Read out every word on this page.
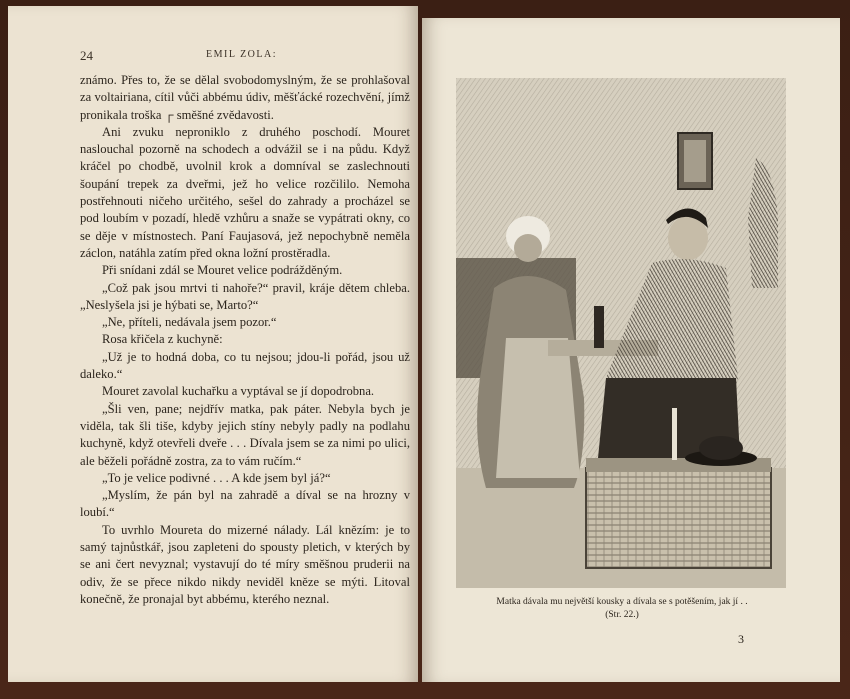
24	EMIL ZOLA:

známo. Přes to, že se dělal svobodomyslným, že se prohlašoval za voltairiana, cítil vůči abbému údiv, měšťácké rozechvění, jímž pronikala troška ┌ směšné zvědavosti.

Ani zvuku neproniklo z druhého poschodí. Mouret naslouchal pozorně na schodech a odvážil se i na půdu. Když kráčel po chodbě, uvolnil krok a domníval se zaslechnouti šoupání trepek za dveřmi, jež ho velice rozčililo. Nemoha postřehnouti ničeho určitého, sešel do zahrady a procházel se pod loubím v pozadí, hledě vzhůru a snaže se vypátrati okny, co se děje v místnostech. Paní Faujasová, jež nepochybně neměla záclon, natáhla zatím před okna ložní prostěradla.

Při snídani zdál se Mouret velice podrážděným.

„Což pak jsou mrtvi ti nahoře?“ pravil, kráje dětem chleba. „Neslyšela jsi je hýbati se, Marto?“

„Ne, příteli, nedávala jsem pozor.“

Rosa křičela z kuchyně:

„Už je to hodná doba, co tu nejsou; jdou-li pořád, jsou už daleko.“

Mouret zavolal kuchařku a vyptával se jí dopodrobna.

„Šli ven, pane; nejdřív matka, pak páter. Nebyla bych je viděla, tak šli tiše, kdyby jejich stíny nebyly padly na podlahu kuchyně, když otevřeli dveře . . . Dívala jsem se za nimi po ulici, ale běželi pořádně zostra, za to vám ručím.“

„To je velice podivné . . . A kde jsem byl já?“

„Myslím, že pán byl na zahradě a díval se na hrozny v loubí.“

To uvrhlo Moureta do mizerné nálady. Lál knězím: je to samý tajnůstkář, jsou zapleteni do spousty pletich, v kterých by se ani čert nevyznal; vystavují do té míry směšnou pruderii na odiv, že se přece nikdo nikdy neviděl kněze se mýti. Litoval konečně, že pronajal byt abbému, kterého neznal.	Matka dávala mu největší kousky a dívala se s potěšením, jak jí . .
(Str. 22.)
3
